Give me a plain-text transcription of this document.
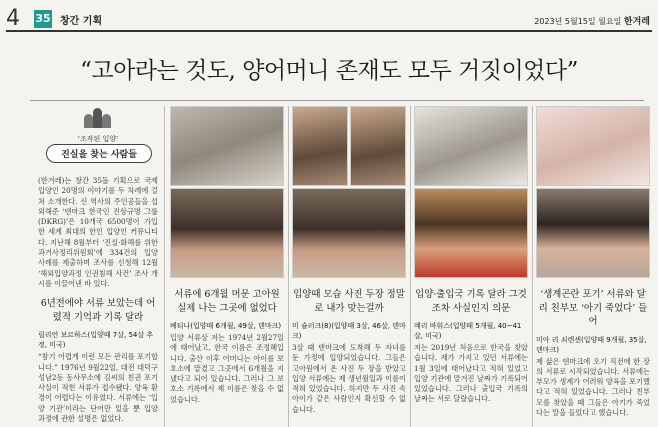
4 35 창간 기획	2023년 5월15일 월요일 한겨레
“고아라는 것도, 양어머니 존재도 모두 거짓이었다”
‘조작된 입양’
진실을 찾는 사람들
(한겨레)는 창간 35돌 기획으로 국제입양인 20명의 이야기를 두 차례에 걸쳐 소개한다. 신 역사의 주인공들을 섭외해준 ‘덴마크 한국인 진상규명 그룹(DKRG)’은 10개국 6500명이 가입한 세계 최대의 한인 입양인 커뮤니티다. 지난해 8월부터 ‘진실·화해를 위한 과거사정리위원회’에 334건의 입양 사례를 제출하며 조사를 신청해 12월 ‘해외입양과정 인권침해 사건’ 조사 개시를 이끌어낸 바 있다.
6년전에야 서류 보았는데 어렸적 기억과 기록 달라
릴리언 보르하스(입양때 7살, 54살 추정, 미국)
“참기 어렵게 이런 모든 관리를 포기합니다.” 1976년 9월22일, 대전 대덕구 성남2동 동사무소에 김씨의 친권 포기 사실이 적힌 서류가 접수됐다. 양육 환경이 어렵다는 이유였다. 서류에는 ‘입양 기관’이라는 단어만 있을 뿐 입양 과정에 관한 설명은 없었다.
서류에 6개월 머문 고아원 실제 나는 그곳에 없었다
베티나(입양때 6개월, 49살, 덴마크)
입양 서류상 저는 1974년 2월27일에 태어났고, 한국 이름은 조정혜입니다. 출산 이후 어머니는 아이를 보호소에 맡겼고 그곳에서 6개월을 지냈다고 되어 있습니다. 그러나 그 보호소 기록에서 제 이름은 찾을 수 없었습니다.
입양때 모습 사진 두장 정말로 내가 맞는걸까
미 슐러크(8)(입양때 3살, 46살, 덴마크)
3살 때 덴마크에 도착해 두 자녀를 둔 가정에 입양되었습니다. 그들은 고아원에서 온 사진 두 장을 받았고 입양 서류에는 제 생년월일과 이름이 적혀 있었습니다. 하지만 두 사진 속 아이가 같은 사람인지 확신할 수 없습니다.
입양·출입국 기록 달라 그것조차 사실인지 의문
메리 바워스(입양때 5개월, 40~41살, 미국)
저는 2019년 처음으로 한국을 찾았습니다. 제가 가지고 있던 서류에는 1월 3일에 태어났다고 적혀 있었고 입양 기관에 맡겨진 날짜가 기록되어 있었습니다. 그러나 출입국 기록의 날짜는 서로 달랐습니다.
‘생계곤란 포기’ 서류와 달리 친부모 ‘아기 죽었다’ 들어
미아 리 쇠렌센(입양때 9개월, 35살, 덴마크)
제 삶은 덴마크에 오기 직전에 한 장의 서류로 시작되었습니다. 서류에는 부모가 생계가 어려워 양육을 포기했다고 적혀 있었습니다. 그러나 친부모를 찾았을 때 그들은 아기가 죽었다는 말을 들었다고 했습니다.
